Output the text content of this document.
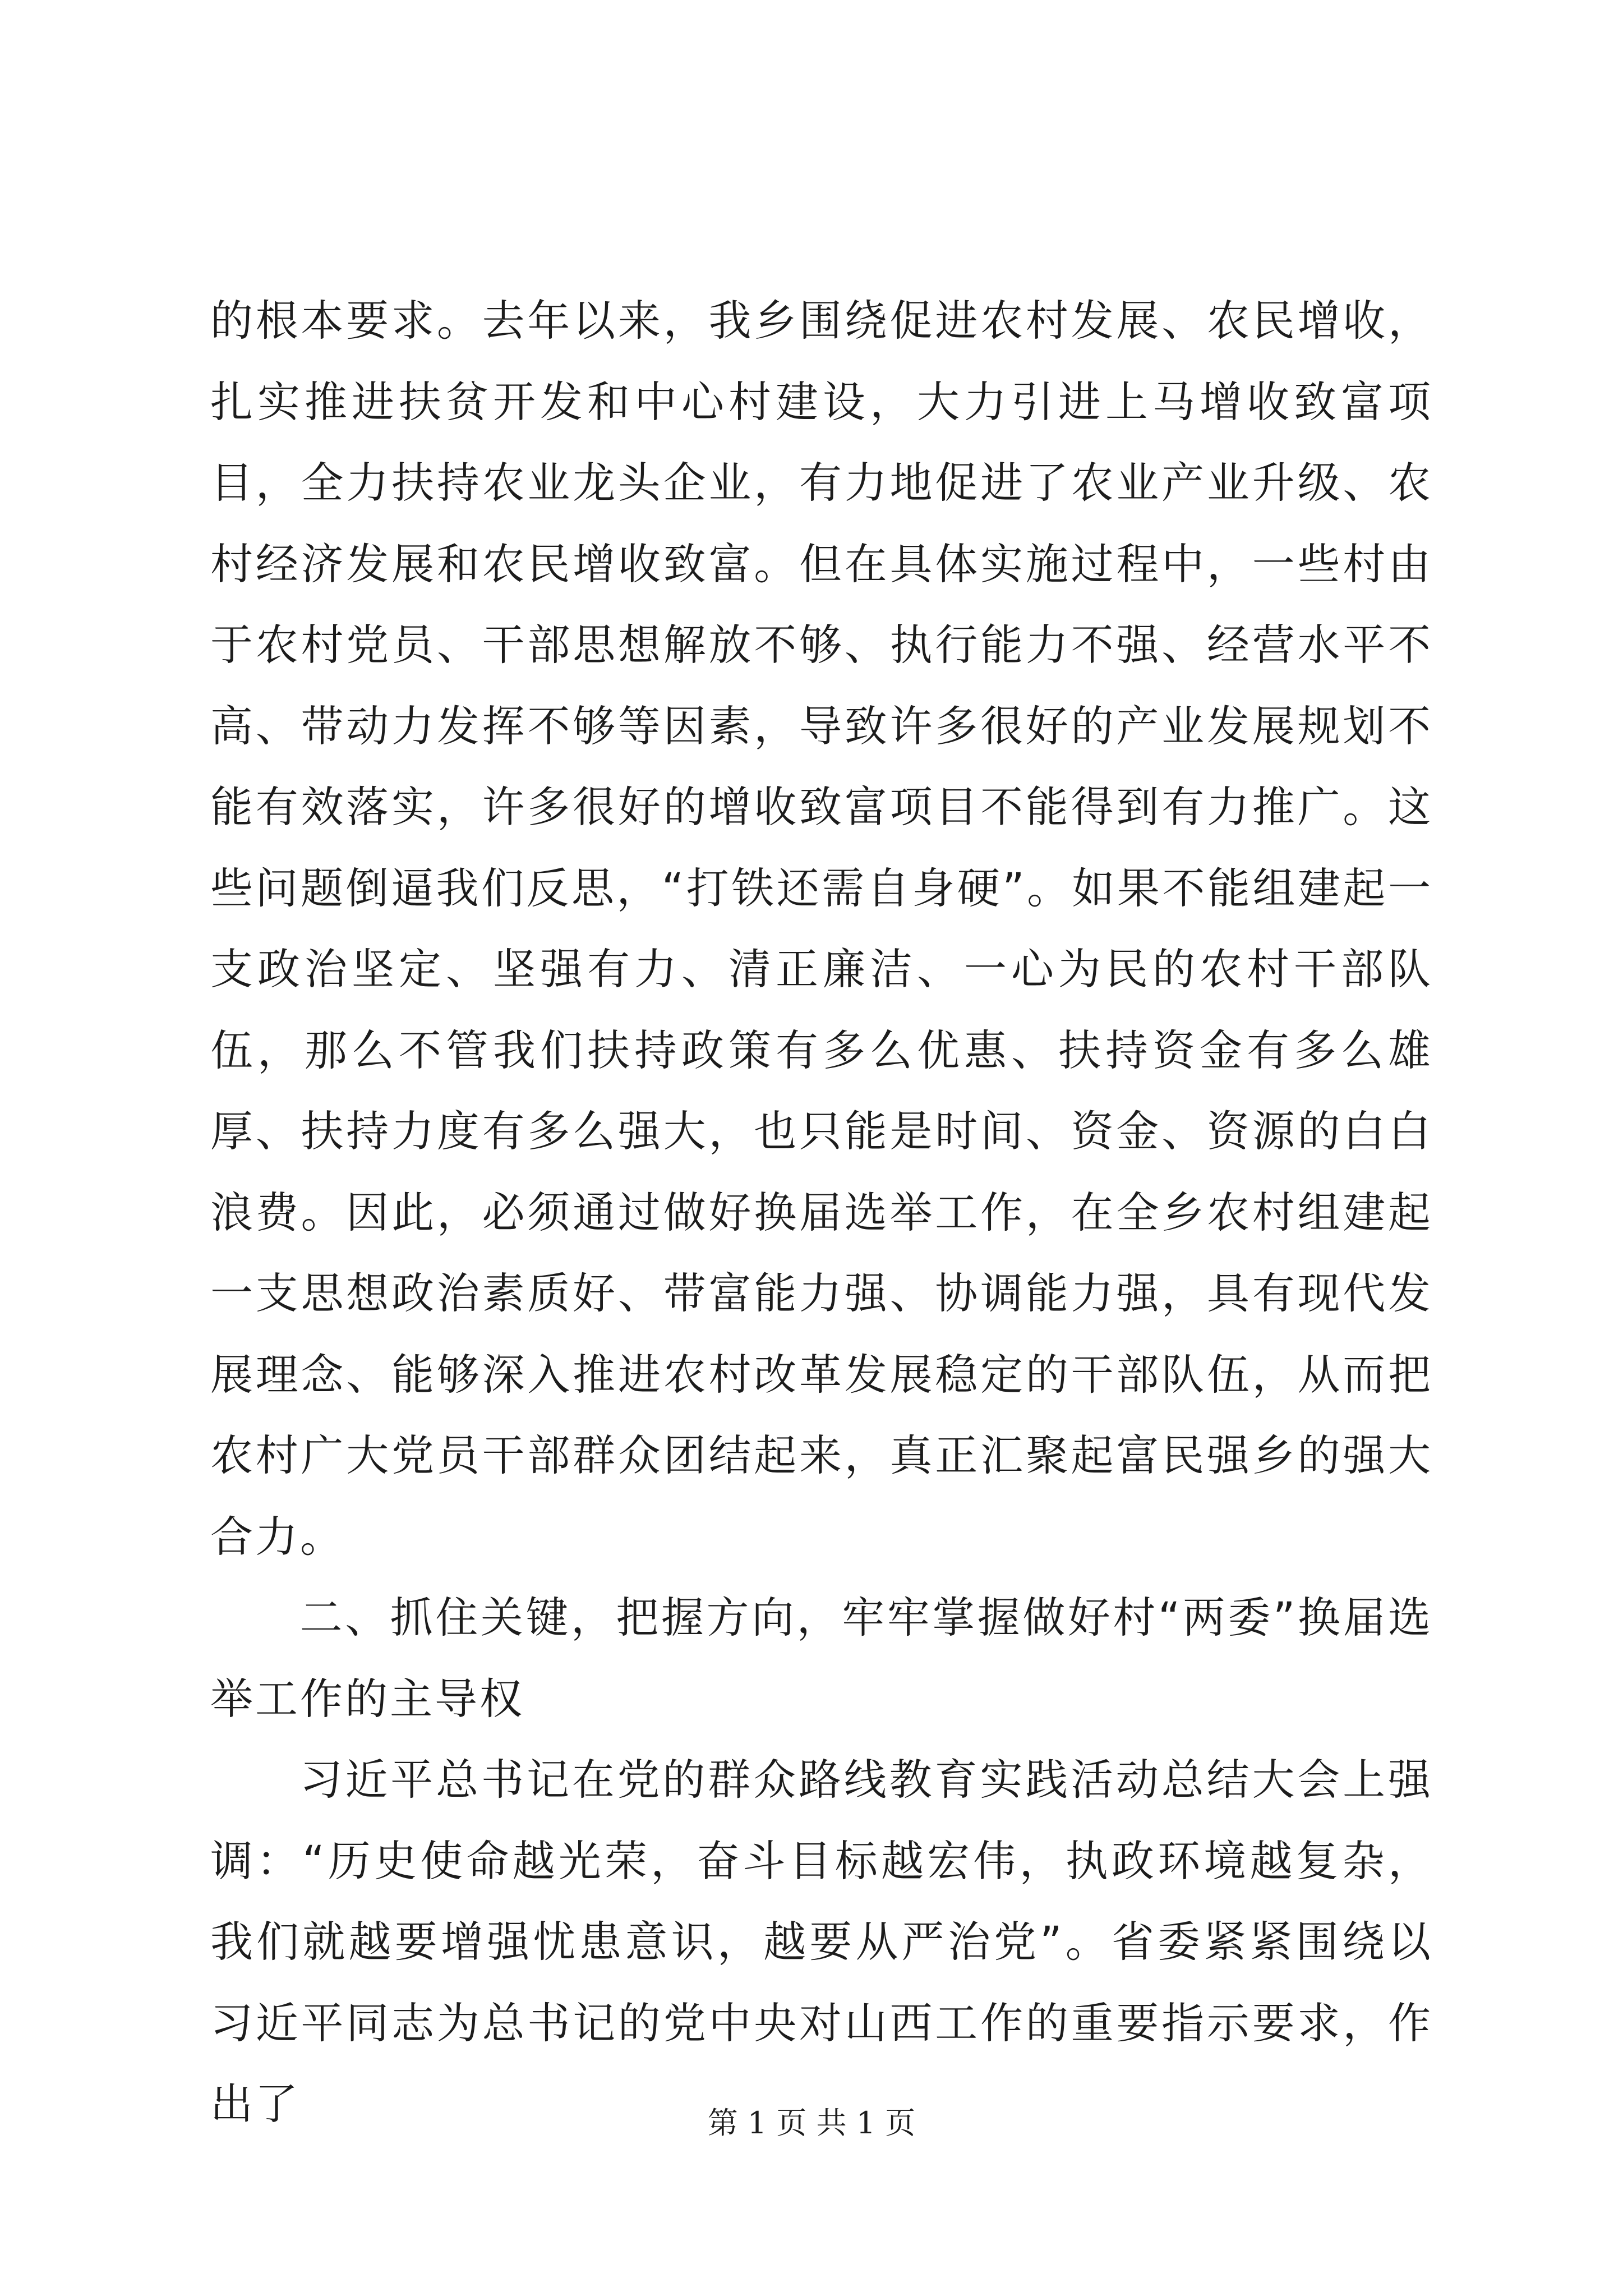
的根本要求。去年以来，我乡围绕促进农村发展、农民增收，扎实推进扶贫开发和中心村建设，大力引进上马增收致富项目，全力扶持农业龙头企业，有力地促进了农业产业升级、农村经济发展和农民增收致富。但在具体实施过程中，一些村由于农村党员、干部思想解放不够、执行能力不强、经营水平不高、带动力发挥不够等因素，导致许多很好的产业发展规划不能有效落实，许多很好的增收致富项目不能得到有力推广。这些问题倒逼我们反思，“打铁还需自身硬”。如果不能组建起一支政治坚定、坚强有力、清正廉洁、一心为民的农村干部队伍，那么不管我们扶持政策有多么优惠、扶持资金有多么雄厚、扶持力度有多么强大，也只能是时间、资金、资源的白白浪费。因此，必须通过做好换届选举工作，在全乡农村组建起一支思想政治素质好、带富能力强、协调能力强，具有现代发展理念、能够深入推进农村改革发展稳定的干部队伍，从而把农村广大党员干部群众团结起来，真正汇聚起富民强乡的强大合力。

二、抓住关键，把握方向，牢牢掌握做好村“两委”换届选举工作的主导权

习近平总书记在党的群众路线教育实践活动总结大会上强调：“历史使命越光荣，奋斗目标越宏伟，执政环境越复杂，我们就越要增强忧患意识，越要从严治党”。省委紧紧围绕以习近平同志为总书记的党中央对山西工作的重要指示要求，作出了	第 1 页 共 1 页
